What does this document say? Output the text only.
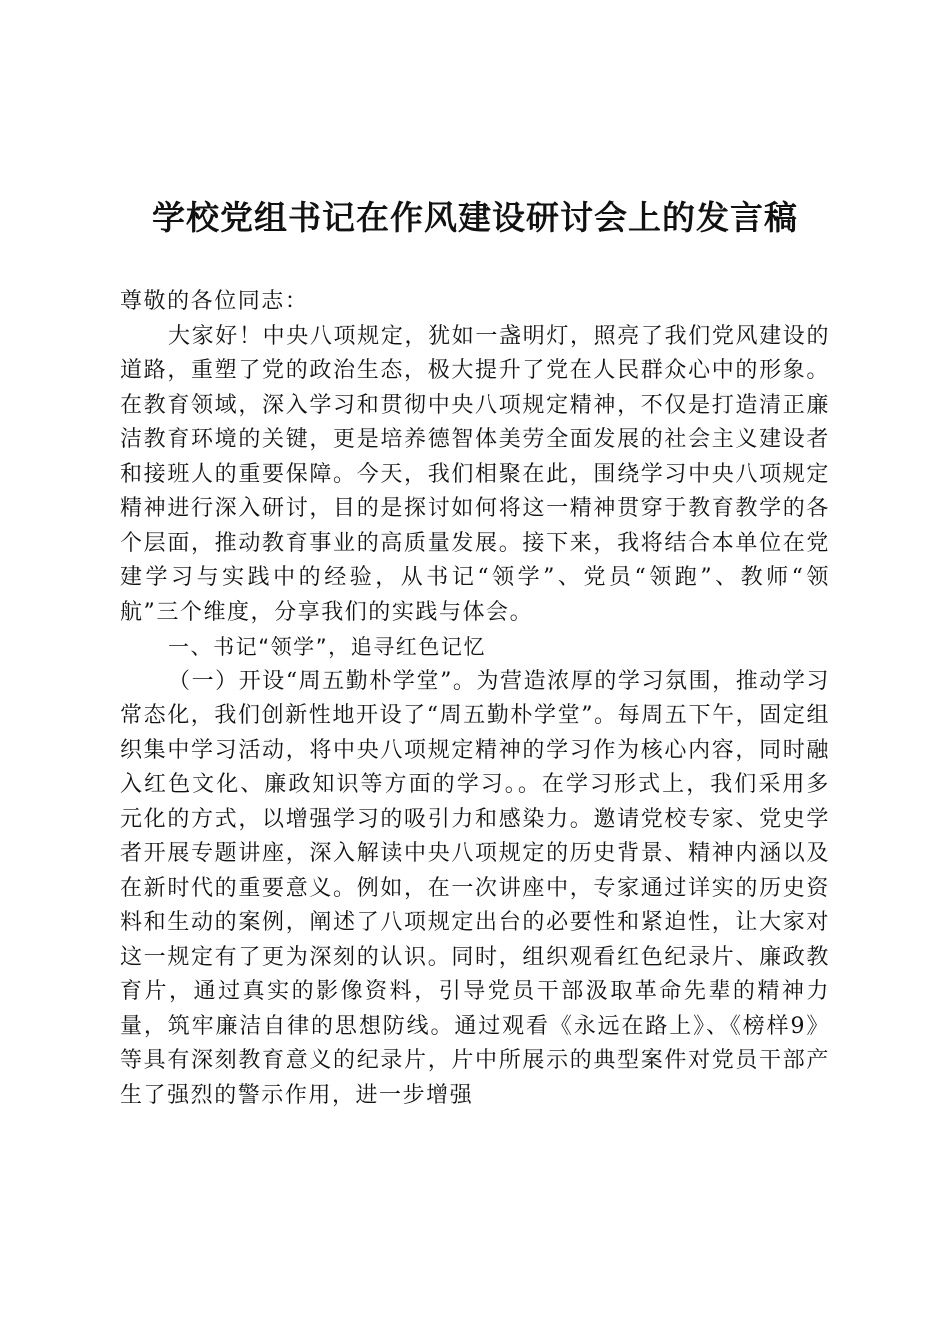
学校党组书记在作风建设研讨会上的发言稿

尊敬的各位同志：

大家好！中央八项规定，犹如一盏明灯，照亮了我们党风建设的道路，重塑了党的政治生态，极大提升了党在人民群众心中的形象。在教育领域，深入学习和贯彻中央八项规定精神，不仅是打造清正廉洁教育环境的关键，更是培养德智体美劳全面发展的社会主义建设者和接班人的重要保障。今天，我们相聚在此，围绕学习中央八项规定精神进行深入研讨，目的是探讨如何将这一精神贯穿于教育教学的各个层面，推动教育事业的高质量发展。接下来，我将结合本单位在党建学习与实践中的经验，从书记“领学”、党员“领跑”、教师“领航”三个维度，分享我们的实践与体会。

一、书记“领学”，追寻红色记忆

（一）开设“周五勤朴学堂”。为营造浓厚的学习氛围，推动学习常态化，我们创新性地开设了“周五勤朴学堂”。每周五下午，固定组织集中学习活动，将中央八项规定精神的学习作为核心内容，同时融入红色文化、廉政知识等方面的学习。。在学习形式上，我们采用多元化的方式，以增强学习的吸引力和感染力。邀请党校专家、党史学者开展专题讲座，深入解读中央八项规定的历史背景、精神内涵以及在新时代的重要意义。例如，在一次讲座中，专家通过详实的历史资料和生动的案例，阐述了八项规定出台的必要性和紧迫性，让大家对这一规定有了更为深刻的认识。同时，组织观看红色纪录片、廉政教育片，通过真实的影像资料，引导党员干部汲取革命先辈的精神力量，筑牢廉洁自律的思想防线。通过观看《永远在路上》、《榜样9》等具有深刻教育意义的纪录片，片中所展示的典型案件对党员干部产生了强烈的警示作用，进一步增强
